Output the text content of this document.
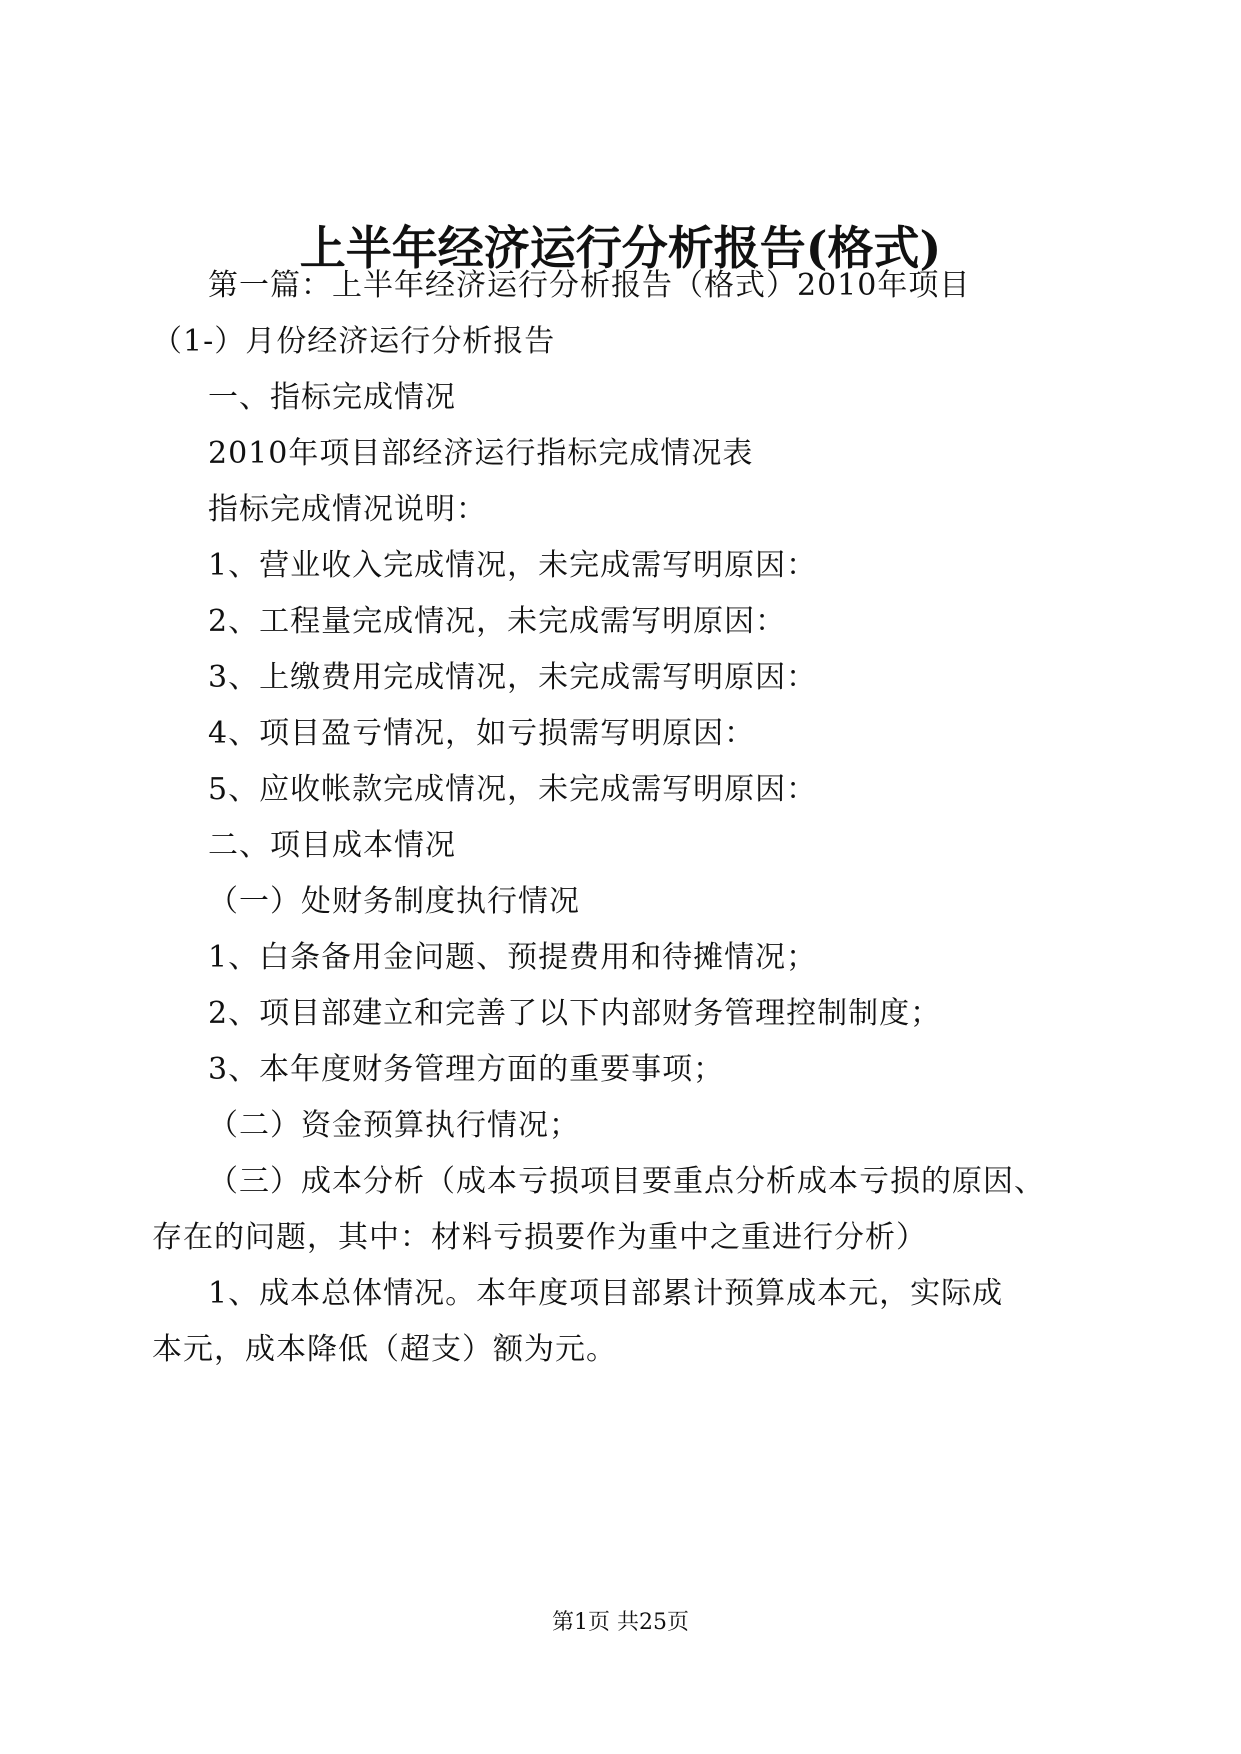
上半年经济运行分析报告(格式)
第一篇：上半年经济运行分析报告（格式）2010年项目
（1-）月份经济运行分析报告
一、指标完成情况
2010年项目部经济运行指标完成情况表
指标完成情况说明：
1、营业收入完成情况，未完成需写明原因：
2、工程量完成情况，未完成需写明原因：
3、上缴费用完成情况，未完成需写明原因：
4、项目盈亏情况，如亏损需写明原因：
5、应收帐款完成情况，未完成需写明原因：
二、项目成本情况
（一）处财务制度执行情况
1、白条备用金问题、预提费用和待摊情况；
2、项目部建立和完善了以下内部财务管理控制制度；
3、本年度财务管理方面的重要事项；
（二）资金预算执行情况；
（三）成本分析（成本亏损项目要重点分析成本亏损的原因、
存在的问题，其中：材料亏损要作为重中之重进行分析）
1、成本总体情况。本年度项目部累计预算成本元，实际成
本元，成本降低（超支）额为元。
第1页 共25页
